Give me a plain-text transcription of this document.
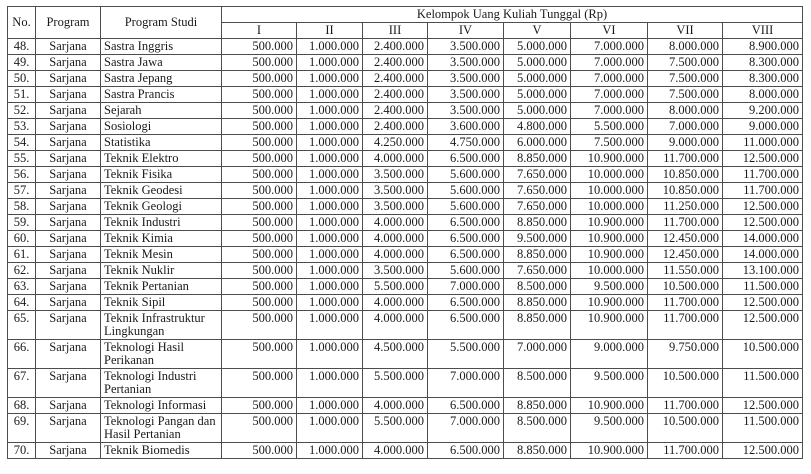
No.	Program	Program Studi	Kelompok Uang Kuliah Tunggal (Rp)							
			I	II	III	IV	V	VI	VII	VIII
48.	Sarjana	Sastra Inggris	500.000	1.000.000	2.400.000	3.500.000	5.000.000	7.000.000	8.000.000	8.900.000
49.	Sarjana	Sastra Jawa	500.000	1.000.000	2.400.000	3.500.000	5.000.000	7.000.000	7.500.000	8.300.000
50.	Sarjana	Sastra Jepang	500.000	1.000.000	2.400.000	3.500.000	5.000.000	7.000.000	7.500.000	8.300.000
51.	Sarjana	Sastra Prancis	500.000	1.000.000	2.400.000	3.500.000	5.000.000	7.000.000	7.500.000	8.000.000
52.	Sarjana	Sejarah	500.000	1.000.000	2.400.000	3.500.000	5.000.000	7.000.000	8.000.000	9.200.000
53.	Sarjana	Sosiologi	500.000	1.000.000	2.400.000	3.600.000	4.800.000	5.500.000	7.000.000	9.000.000
54.	Sarjana	Statistika	500.000	1.000.000	4.250.000	4.750.000	6.000.000	7.500.000	9.000.000	11.000.000
55.	Sarjana	Teknik Elektro	500.000	1.000.000	4.000.000	6.500.000	8.850.000	10.900.000	11.700.000	12.500.000
56.	Sarjana	Teknik Fisika	500.000	1.000.000	3.500.000	5.600.000	7.650.000	10.000.000	10.850.000	11.700.000
57.	Sarjana	Teknik Geodesi	500.000	1.000.000	3.500.000	5.600.000	7.650.000	10.000.000	10.850.000	11.700.000
58.	Sarjana	Teknik Geologi	500.000	1.000.000	3.500.000	5.600.000	7.650.000	10.000.000	11.250.000	12.500.000
59.	Sarjana	Teknik Industri	500.000	1.000.000	4.000.000	6.500.000	8.850.000	10.900.000	11.700.000	12.500.000
60.	Sarjana	Teknik Kimia	500.000	1.000.000	4.000.000	6.500.000	9.500.000	10.900.000	12.450.000	14.000.000
61.	Sarjana	Teknik Mesin	500.000	1.000.000	4.000.000	6.500.000	8.850.000	10.900.000	12.450.000	14.000.000
62.	Sarjana	Teknik Nuklir	500.000	1.000.000	3.500.000	5.600.000	7.650.000	10.000.000	11.550.000	13.100.000
63.	Sarjana	Teknik Pertanian	500.000	1.000.000	5.500.000	7.000.000	8.500.000	9.500.000	10.500.000	11.500.000
64.	Sarjana	Teknik Sipil	500.000	1.000.000	4.000.000	6.500.000	8.850.000	10.900.000	11.700.000	12.500.000
65.	Sarjana	Teknik Infrastruktur Lingkungan	500.000	1.000.000	4.000.000	6.500.000	8.850.000	10.900.000	11.700.000	12.500.000
66.	Sarjana	Teknologi Hasil Perikanan	500.000	1.000.000	4.500.000	5.500.000	7.000.000	9.000.000	9.750.000	10.500.000
67.	Sarjana	Teknologi Industri Pertanian	500.000	1.000.000	5.500.000	7.000.000	8.500.000	9.500.000	10.500.000	11.500.000
68.	Sarjana	Teknologi Informasi	500.000	1.000.000	4.000.000	6.500.000	8.850.000	10.900.000	11.700.000	12.500.000
69.	Sarjana	Teknologi Pangan dan Hasil Pertanian	500.000	1.000.000	5.500.000	7.000.000	8.500.000	9.500.000	10.500.000	11.500.000
70.	Sarjana	Teknik Biomedis	500.000	1.000.000	4.000.000	6.500.000	8.850.000	10.900.000	11.700.000	12.500.000
